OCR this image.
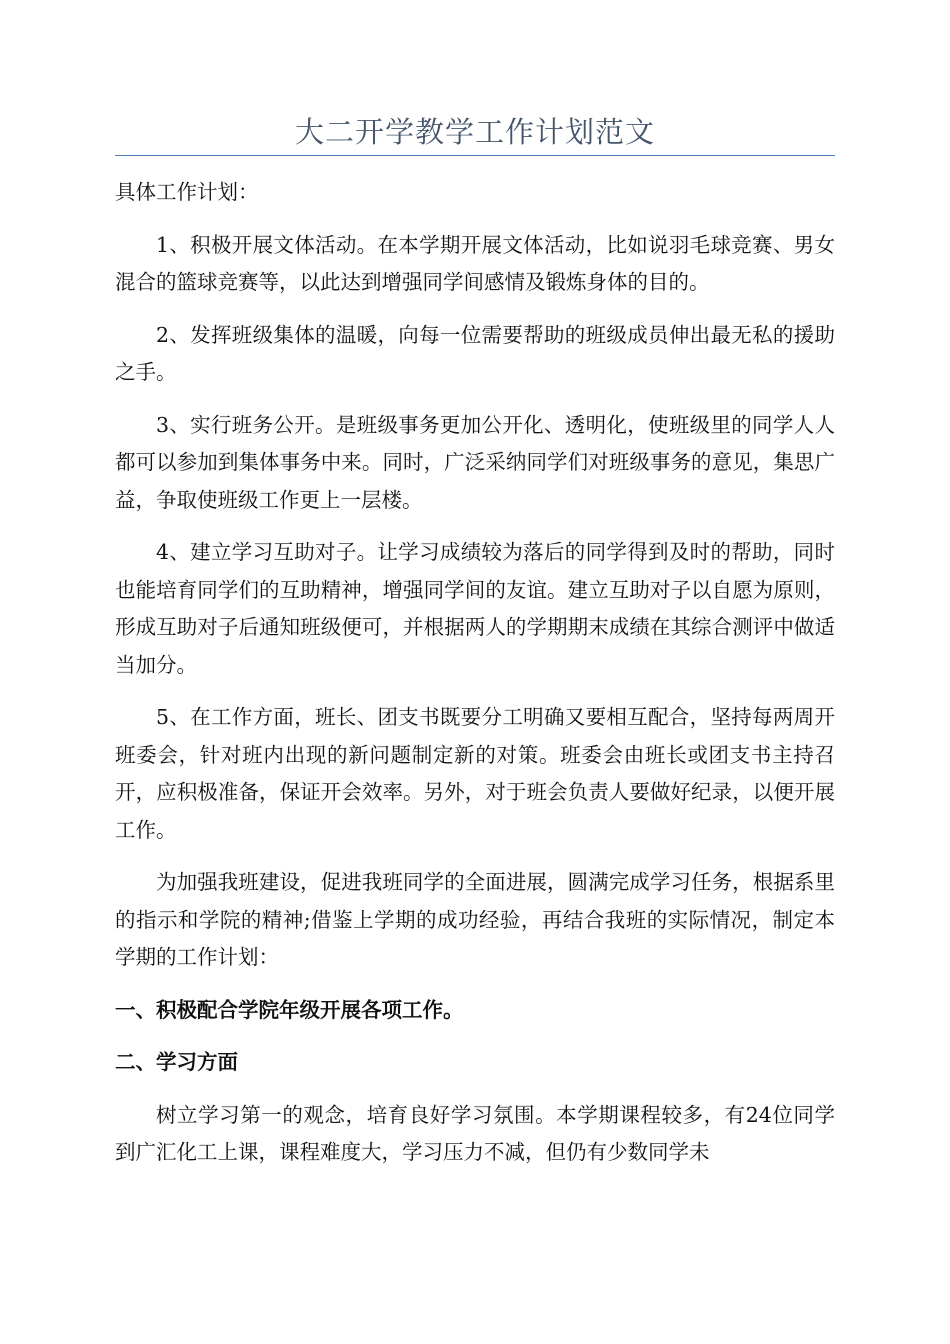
大二开学教学工作计划范文

具体工作计划：

1、积极开展文体活动。在本学期开展文体活动，比如说羽毛球竞赛、男女混合的篮球竞赛等，以此达到增强同学间感情及锻炼身体的目的。

2、发挥班级集体的温暖，向每一位需要帮助的班级成员伸出最无私的援助之手。

3、实行班务公开。是班级事务更加公开化、透明化，使班级里的同学人人都可以参加到集体事务中来。同时，广泛采纳同学们对班级事务的意见，集思广益，争取使班级工作更上一层楼。

4、建立学习互助对子。让学习成绩较为落后的同学得到及时的帮助，同时也能培育同学们的互助精神，增强同学间的友谊。建立互助对子以自愿为原则，形成互助对子后通知班级便可，并根据两人的学期期末成绩在其综合测评中做适当加分。

5、在工作方面，班长、团支书既要分工明确又要相互配合，坚持每两周开班委会，针对班内出现的新问题制定新的对策。班委会由班长或团支书主持召开，应积极准备，保证开会效率。另外，对于班会负责人要做好纪录，以便开展工作。

为加强我班建设，促进我班同学的全面进展，圆满完成学习任务，根据系里的指示和学院的精神;借鉴上学期的成功经验，再结合我班的实际情况，制定本学期的工作计划：

一、积极配合学院年级开展各项工作。

二、学习方面

树立学习第一的观念，培育良好学习氛围。本学期课程较多，有24位同学到广汇化工上课，课程难度大，学习压力不减，但仍有少数同学未
